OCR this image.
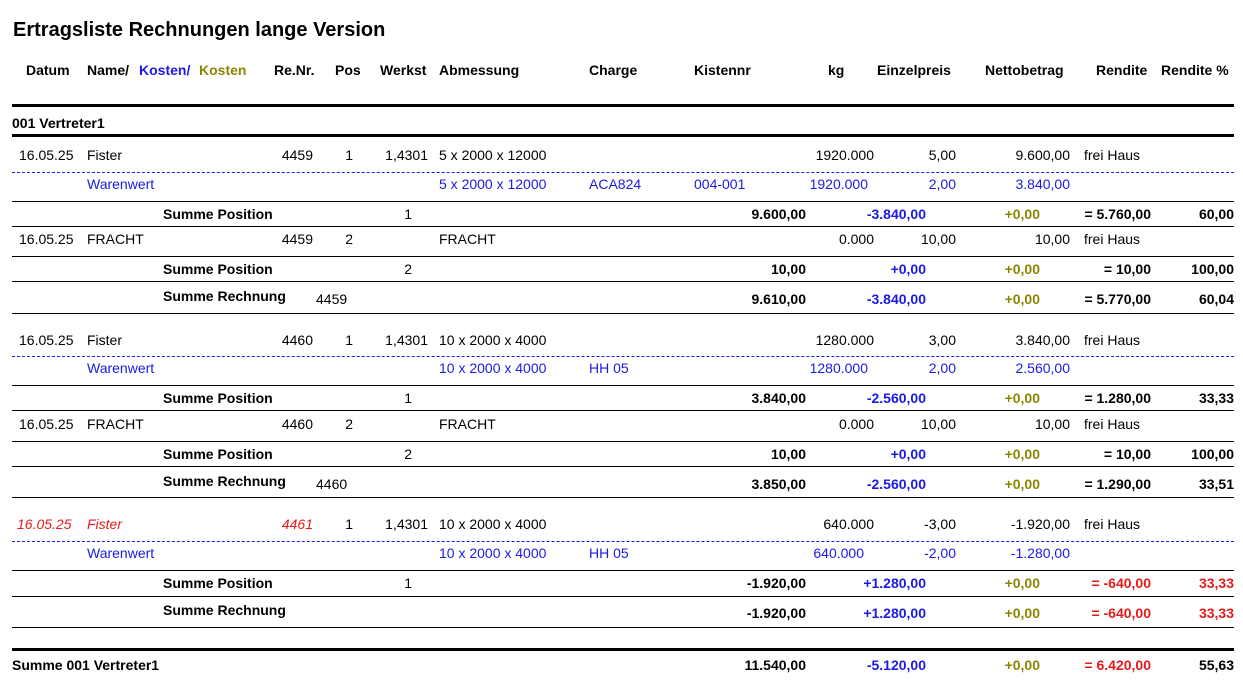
Ertragsliste Rechnungen lange Version
Datum Name/ Kosten/ Kosten Re.Nr. Pos Werkst Abmessung	Charge	Kistennr	kg Einzelpreis Nettobetrag Rendite Rendite %
001 Vertreter1
16.05.25 Fister	4459	1	1,4301 5 x 2000 x 12000	1920.000	5,00	9.600,00 frei Haus
Warenwert	5 x 2000 x 12000	ACA824	004-001	1920.000	2,00	3.840,00
Summe Position	1	9.600,00	-3.840,00	+0,00	= 5.760,00	60,00
16.05.25 FRACHT	4459	2	FRACHT	0.000	10,00	10,00 frei Haus
Summe Position	2	10,00	+0,00	+0,00	= 10,00	100,00
Summe Rechnung 4459	9.610,00	-3.840,00	+0,00	= 5.770,00	60,04
16.05.25 Fister	4460	1	1,4301 10 x 2000 x 4000	1280.000	3,00	3.840,00 frei Haus
Warenwert	10 x 2000 x 4000	HH 05	1280.000	2,00	2.560,00
Summe Position	1	3.840,00	-2.560,00	+0,00	= 1.280,00	33,33
16.05.25 FRACHT	4460	2	FRACHT	0.000	10,00	10,00 frei Haus
Summe Position	2	10,00	+0,00	+0,00	= 10,00	100,00
Summe Rechnung 4460	3.850,00	-2.560,00	+0,00	= 1.290,00	33,51
16.05.25 Fister	4461	1	1,4301 10 x 2000 x 4000	640.000	-3,00	-1.920,00 frei Haus
Warenwert	10 x 2000 x 4000	HH 05	640.000	-2,00	-1.280,00
Summe Position	1	-1.920,00	+1.280,00	+0,00	= -640,00	33,33
Summe Rechnung	-1.920,00	+1.280,00	+0,00	= -640,00	33,33
Summe 001 Vertreter1	11.540,00	-5.120,00	+0,00	= 6.420,00	55,63
